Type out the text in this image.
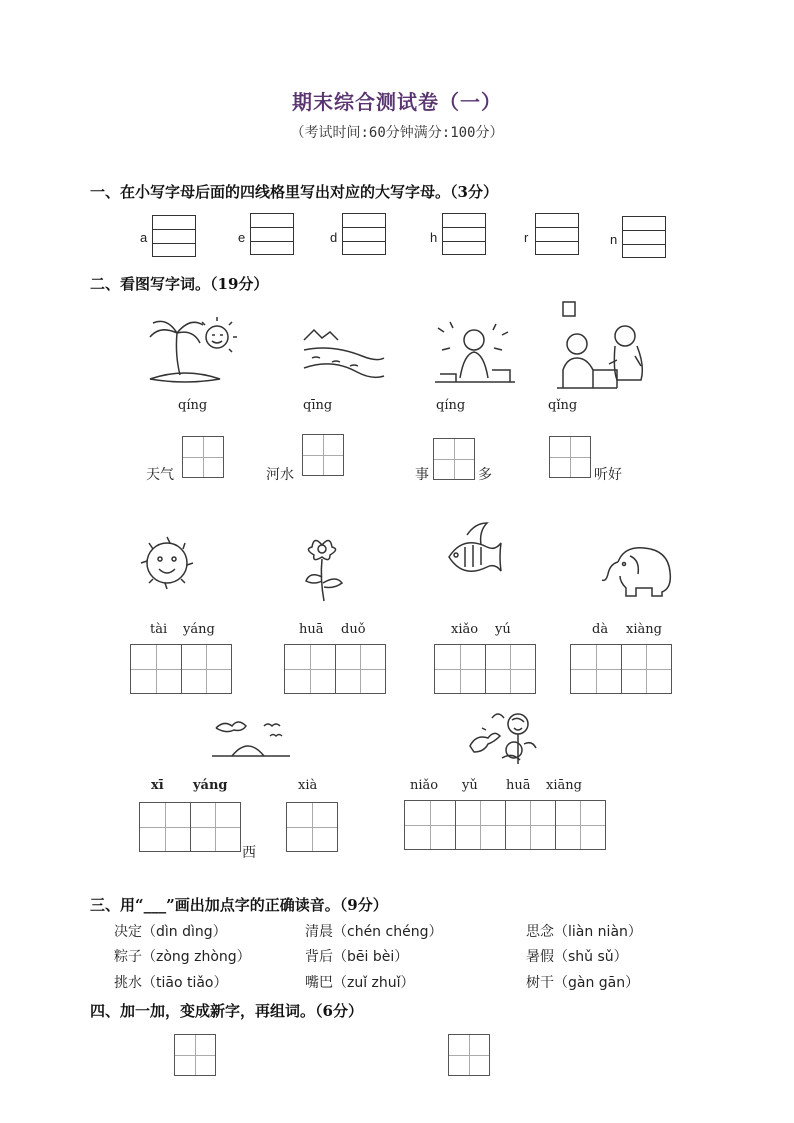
期末综合测试卷（一）
（考试时间:60分钟满分:100分）
一、在小写字母后面的四线格里写出对应的大写字母。（3分）
a	e	d	h	r	n
二、看图写字词。（19分）
qíng	qīng	qíng	qǐng
天气	河水	事	多	听好
tài yáng	huā duǒ	xiǎo yú	dà xiàng
xī yáng	xià	niǎo yǔ huā xiāng
西
三、用“___”画出加点字的正确读音。（9分）
决定（dìn dìng）	清晨（chén chéng）	思念（liàn niàn）
粽子（zòng zhòng）	背后（bēi bèi）	暑假（shǔ sǔ）
挑水（tiāo tiǎo）	嘴巴（zuǐ zhuǐ）	树干（gàn gān）
四、加一加，变成新字，再组词。（6分）
